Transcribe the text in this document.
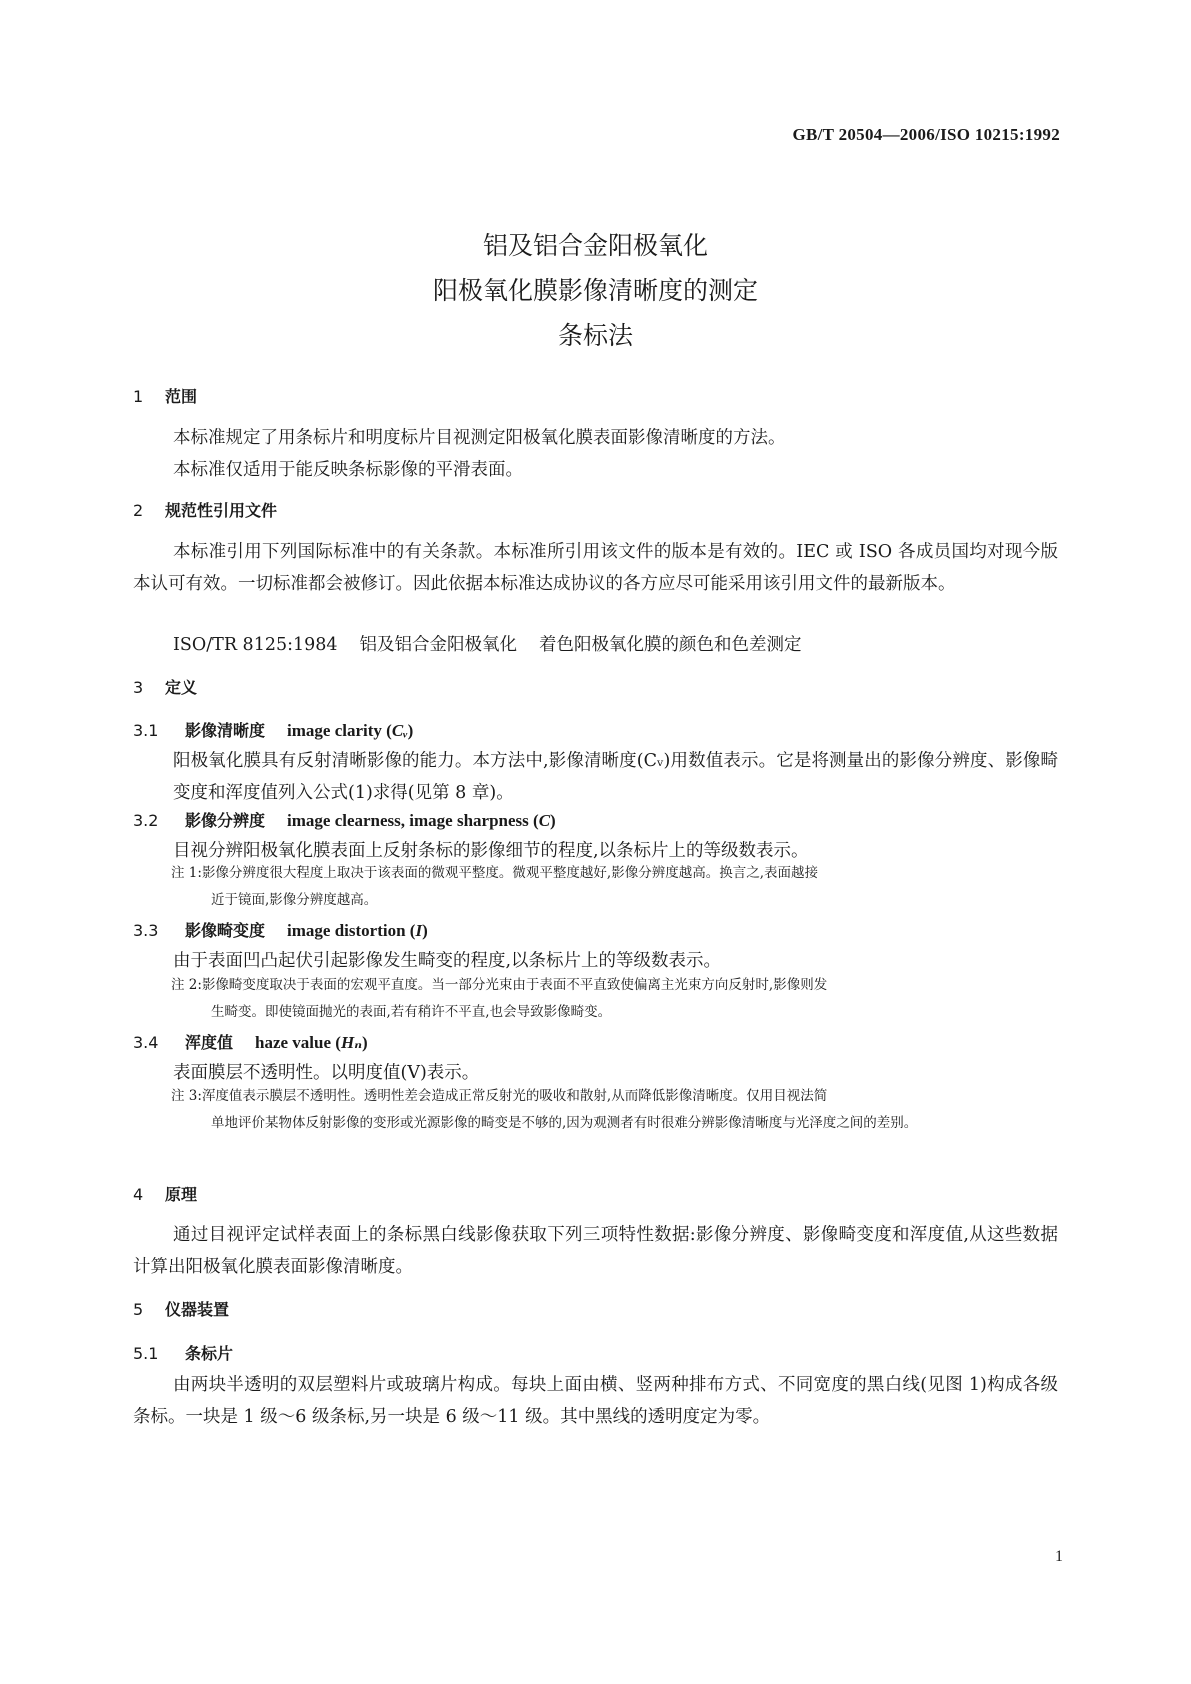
GB/T 20504—2006/ISO 10215:1992
铝及铝合金阳极氧化
阳极氧化膜影像清晰度的测定
条标法
1 范围
本标准规定了用条标片和明度标片目视测定阳极氧化膜表面影像清晰度的方法。
本标准仅适用于能反映条标影像的平滑表面。
2 规范性引用文件
本标准引用下列国际标准中的有关条款。本标准所引用该文件的版本是有效的。IEC 或 ISO 各成员国均对现今版本认可有效。一切标准都会被修订。因此依据本标准达成协议的各方应尽可能采用该引用文件的最新版本。
ISO/TR 8125:1984 铝及铝合金阳极氧化 着色阳极氧化膜的颜色和色差测定
3 定义
3.1 影像清晰度 image clarity (Cᵥ)
阳极氧化膜具有反射清晰影像的能力。本方法中,影像清晰度(Cᵥ)用数值表示。它是将测量出的影像分辨度、影像畸变度和浑度值列入公式(1)求得(见第 8 章)。
3.2 影像分辨度 image clearness, image sharpness (C)
目视分辨阳极氧化膜表面上反射条标的影像细节的程度,以条标片上的等级数表示。
注 1:影像分辨度很大程度上取决于该表面的微观平整度。微观平整度越好,影像分辨度越高。换言之,表面越接
近于镜面,影像分辨度越高。
3.3 影像畸变度 image distortion (I)
由于表面凹凸起伏引起影像发生畸变的程度,以条标片上的等级数表示。
注 2:影像畸变度取决于表面的宏观平直度。当一部分光束由于表面不平直致使偏离主光束方向反射时,影像则发
生畸变。即使镜面抛光的表面,若有稍许不平直,也会导致影像畸变。
3.4 浑度值 haze value (Hₙ)
表面膜层不透明性。以明度值(V)表示。
注 3:浑度值表示膜层不透明性。透明性差会造成正常反射光的吸收和散射,从而降低影像清晰度。仅用目视法简
单地评价某物体反射影像的变形或光源影像的畸变是不够的,因为观测者有时很难分辨影像清晰度与光泽度之间的差别。
4 原理
通过目视评定试样表面上的条标黑白线影像获取下列三项特性数据:影像分辨度、影像畸变度和浑度值,从这些数据计算出阳极氧化膜表面影像清晰度。
5 仪器装置
5.1 条标片
由两块半透明的双层塑料片或玻璃片构成。每块上面由横、竖两种排布方式、不同宽度的黑白线(见图 1)构成各级条标。一块是 1 级～6 级条标,另一块是 6 级～11 级。其中黑线的透明度定为零。
1
